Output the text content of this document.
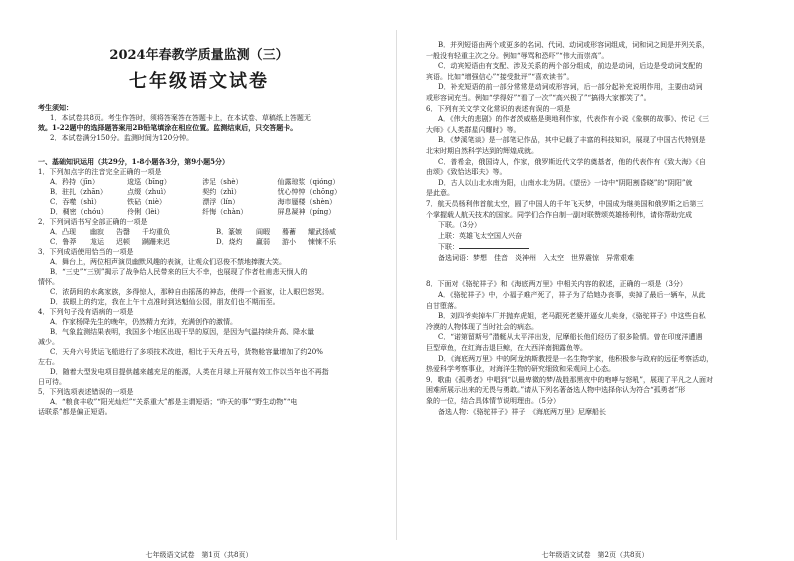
2024年春教学质量监测（三）
七年级语文试卷

考生须知：

1．本试卷共8页。考生作答时，须将答案答在答题卡上，在本试卷、草稿纸上答题无

效。1-22题中的选择题答案用2B铅笔填涂在相应位置。监测结束后，只交答题卡。

2．本试卷满分150分。监测时间为120分钟。

一、基础知识运用（共29分，1-8小题各3分，第9小题5分）

1．下列加点字的注音完全正确的一项是

A．矜持（jīn）	逡巡（bīng）	涉足（shè）	仙露琼浆（qióng）
B．驻扎（zhān）	点缀（zhuì）	契约（zhì）	忧心忡忡（chōng）
C．吞噬（shì）	铁砧（niè）	漂浮（lín）	海市蜃楼（shèn）
D．稠密（chóu）	伶俐（lèi）	纤悔（chàn）	屏息凝神（píng）

2．下列词语书写全部正确的一项是

A．凸现	幽寂	告罄	千均重负	B．篆嫉	阎暇	蓦蓄	耀武扬威
C．鲁莽	尨运	迟顿	蹒跚来迟	D．烧灼	赢弱	游小	悚悚不乐

3．下列成语使用恰当的一项是

A．舞台上，两位相声演员幽默风趣的表演，让观众们忍俊不禁地捧腹大笑。

B．“三史”“三别”揭示了战争给人民带来的巨大不幸，也展现了作者杜甫悲天悯人的

情怀。

C．浓荫间的水禽家族，多得惊人，那种自由摇荡的神态，使得一个画家，让人眼巴怒哭。

D．拔眼上的约定，我在上午十点准时到达魁仙公园，朋友们也不期而至。

4．下列句子没有语病的一项是

A．作家杨降先生的晚年，仍然精力充沛，充满创作的激情。

B．气象监测结果表明，我国多个地区出现干旱的原因，是因为气温持续升高、降水量

减少。

C．天舟六号货运飞船进行了多项技术改进，相比于天舟五号，货物舱容量增加了约20%

左右。

D．随着大型发电项目提供越来越充足的能源，人类在月球上开展有效工作以当年也不再指

日可待。

5．下列选项表述错误的一项是

A．“粮食丰收”“阳光灿烂”“关系重大”都是主谓短语；“昨天的事”“野生动物”“电

话联系”都是偏正短语。

七年级语文试卷　第1页（共8页）

B．并列短语由两个或更多的名词、代词、动词或形容词组成，词和词之间是并列关系，

一般没有轻重主次之分。例如“辱骂和恐吓”“伟大而崇高”。

C．动宾短语由有支配、涉及关系的两个部分组成，前边是动词，后边是受动词支配的

宾语。比如“增强信心”“接受批评”“喜欢读书”。

D．补充短语的前一部分常常是动词或形容词，后一部分起补充说明作用，主要由动词

或形容词充当。例如“学得好”“看了一次”“高兴极了”“搞得大家都笑了”。

6．下列有关文学文化常识的表述有误的一项是

A．《伟大的悲剧》的作者茨威格是奥地利作家，代表作有小说《象棋的故事》、传记《三

大师》《人类群星闪耀时》等。

B．《梦溪笔谈》是一部笔记作品，其中记载了丰富的科技知识，展现了中国古代特别是

北宋时期自然科学达到的辉煌成就。

C．普希金，俄国诗人，作家，俄罗斯近代文学的奠基者，他的代表作有《致大海》《自

由颂》《致恰达耶夫》等。

D．古人以山北水南为阳，山南水北为阴。《望岳》一诗中“阴阳割昏晓”的“阴阳”就

是此意。

7．航天员杨利伟首航太空，圆了中国人的千年飞天梦，中国成为继美国和俄罗斯之后第三

个掌握载人航天技术的国家。同学们合作自制一副对联赞颂英雄杨利伟，请你帮助完成

下联。（3分）

上联：英雄飞太空国人兴奋

下联：

备选词语：梦想　佳音　炎神州　入太空　世界震惊　异常艰难

8．下面对《骆驼祥子》和《海底两万里》中相关内容的叙述，正确的一项是（3分）

A．《骆驼祥子》中，小福子难产死了，祥子为了给她办丧事，卖掉了最后一辆车，从此

自甘堕落。

B．刘四爷卖掉车厂并抛弃虎姐，老马跟死老婆并逼女儿卖身，《骆驼祥子》中这些自私

冷漠的人物体现了当时社会的病态。

C．“诺第留斯号”潜艇从太平洋出发，尼摩船长他们经历了很多险情。曾在印度洋遭遇

巨型章鱼，在红海击退巨鲸，在大西洋南拥露鱼等。

D．《海底两万里》中的阿龙纳斯教授是一名生物学家，他积极参与政府的远征考察活动，

热爱科学考察事业，对海洋生物的研究细致和采观问上心态。

9．歌曲《孤勇者》中唱到“以最卑微的梦/战胜那黑夜中的咆哮与怒吼”，展现了平凡之人面对

困难所展示出来的无畏与勇敢。”请从下列名著备选人物中选择你认为符合“孤勇者”形

象的一位，结合具体情节说明理由。（5分）

备选人物：《骆驼祥子》祥子　《海底两万里》尼摩船长

七年级语文试卷　第2页（共8页）
